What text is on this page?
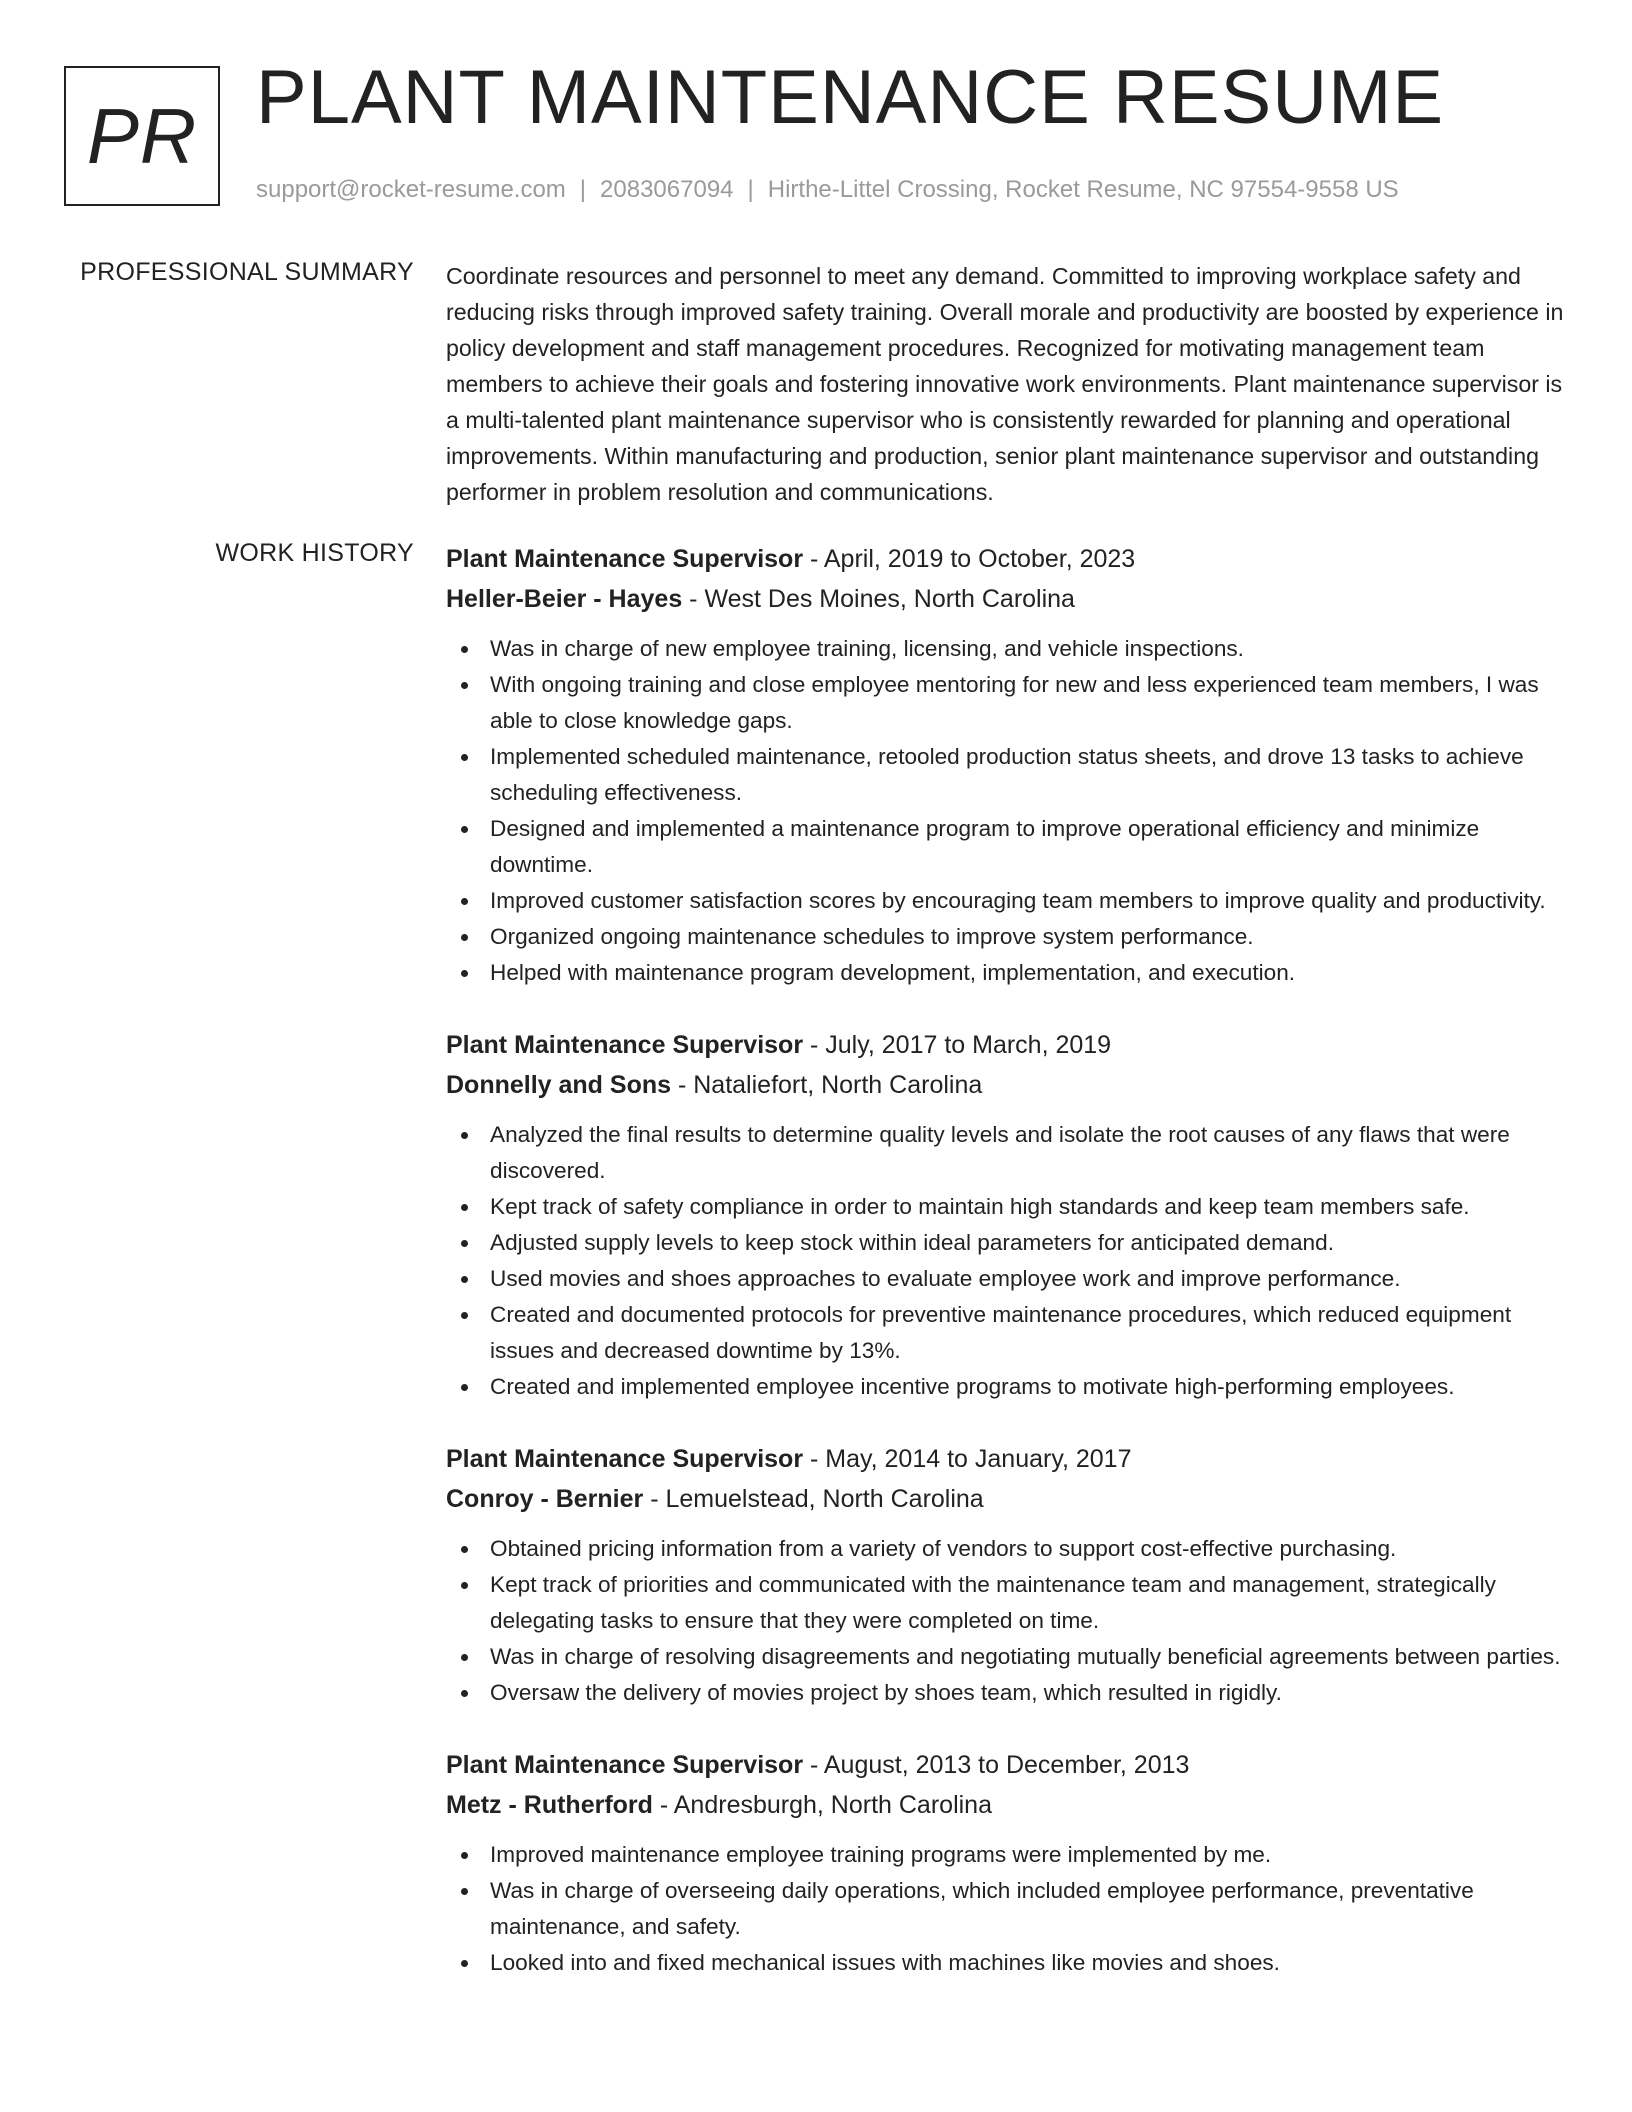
PR PLANT MAINTENANCE RESUME
support@rocket-resume.com | 2083067094 | Hirthe-Littel Crossing, Rocket Resume, NC 97554-9558 US
PROFESSIONAL SUMMARY Coordinate resources and personnel to meet any demand. Committed to improving workplace safety and reducing risks through improved safety training. Overall morale and productivity are boosted by experience in policy development and staff management procedures. Recognized for motivating management team members to achieve their goals and fostering innovative work environments. Plant maintenance supervisor is a multi-talented plant maintenance supervisor who is consistently rewarded for planning and operational improvements. Within manufacturing and production, senior plant maintenance supervisor and outstanding performer in problem resolution and communications.

WORK HISTORY Plant Maintenance Supervisor - April, 2019 to October, 2023
Heller-Beier - Hayes - West Des Moines, North Carolina
Was in charge of new employee training, licensing, and vehicle inspections.
With ongoing training and close employee mentoring for new and less experienced team members, I was able to close knowledge gaps.
Implemented scheduled maintenance, retooled production status sheets, and drove 13 tasks to achieve scheduling effectiveness.
Designed and implemented a maintenance program to improve operational efficiency and minimize downtime.
Improved customer satisfaction scores by encouraging team members to improve quality and productivity.
Organized ongoing maintenance schedules to improve system performance.
Helped with maintenance program development, implementation, and execution.
Plant Maintenance Supervisor - July, 2017 to March, 2019
Donnelly and Sons - Nataliefort, North Carolina
Analyzed the final results to determine quality levels and isolate the root causes of any flaws that were discovered.
Kept track of safety compliance in order to maintain high standards and keep team members safe.
Adjusted supply levels to keep stock within ideal parameters for anticipated demand.
Used movies and shoes approaches to evaluate employee work and improve performance.
Created and documented protocols for preventive maintenance procedures, which reduced equipment issues and decreased downtime by 13%.
Created and implemented employee incentive programs to motivate high-performing employees.
Plant Maintenance Supervisor - May, 2014 to January, 2017
Conroy - Bernier - Lemuelstead, North Carolina
Obtained pricing information from a variety of vendors to support cost-effective purchasing.
Kept track of priorities and communicated with the maintenance team and management, strategically delegating tasks to ensure that they were completed on time.
Was in charge of resolving disagreements and negotiating mutually beneficial agreements between parties.
Oversaw the delivery of movies project by shoes team, which resulted in rigidly.
Plant Maintenance Supervisor - August, 2013 to December, 2013
Metz - Rutherford - Andresburgh, North Carolina
Improved maintenance employee training programs were implemented by me.
Was in charge of overseeing daily operations, which included employee performance, preventative maintenance, and safety.
Looked into and fixed mechanical issues with machines like movies and shoes.
